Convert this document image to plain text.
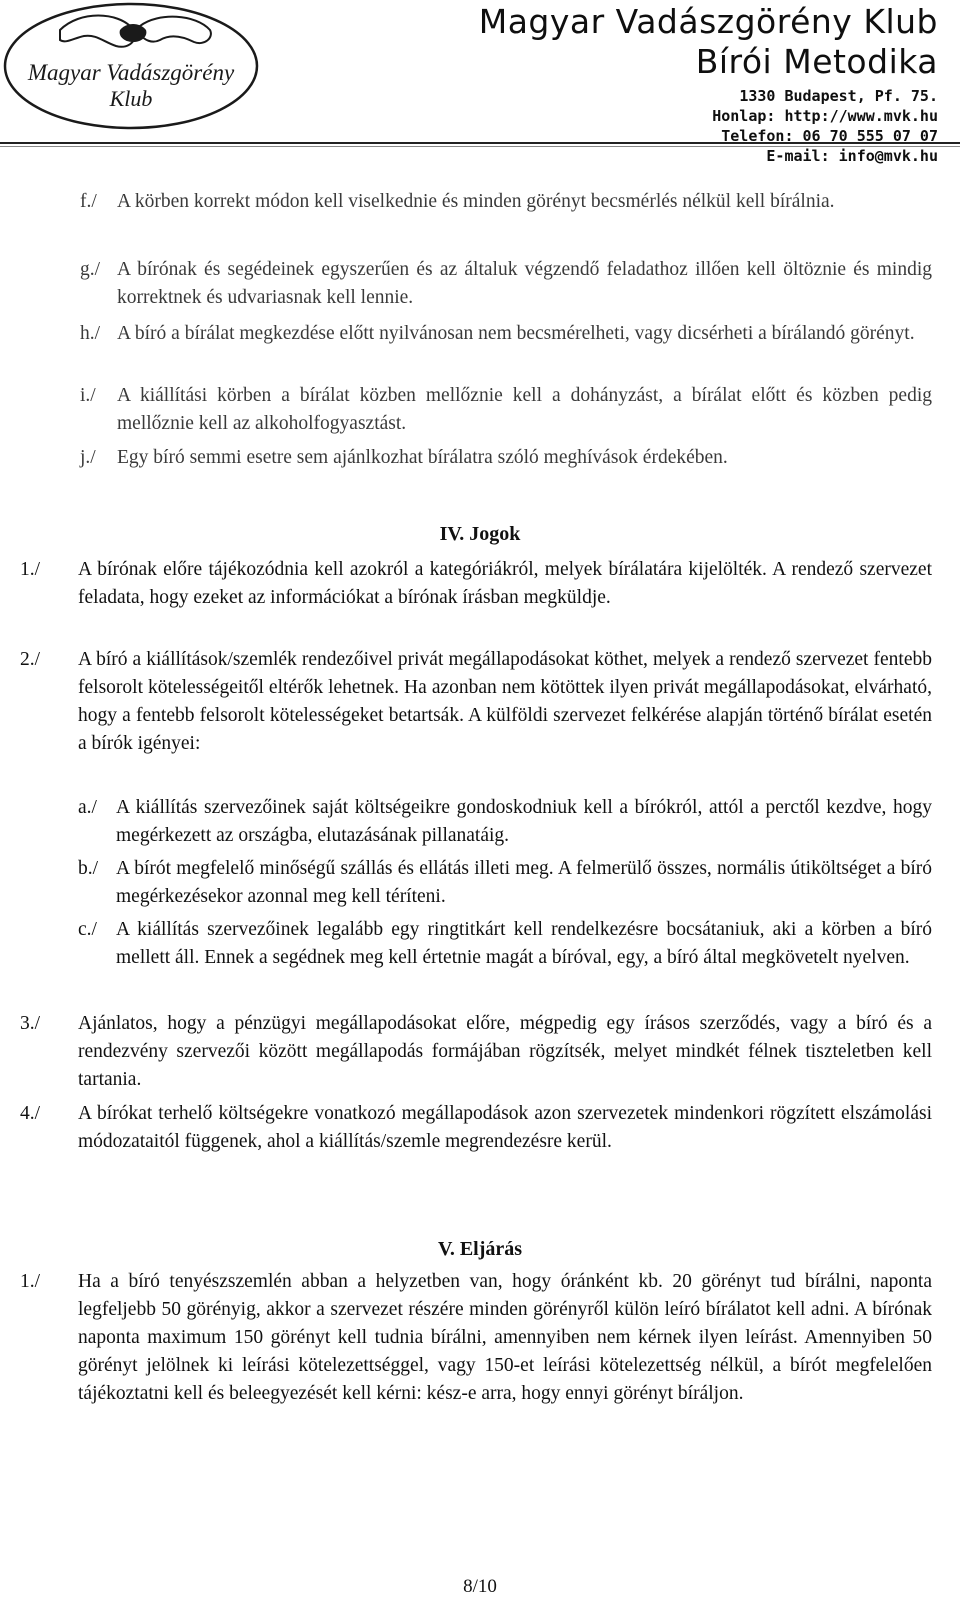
Magyar Vadászgörény
Klub
Magyar Vadászgörény Klub
Bírói Metodika
1330 Budapest, Pf. 75.
Honlap: http://www.mvk.hu
Telefon: 06 70 555 07 07
E-mail: info@mvk.hu
f./	A körben korrekt módon kell viselkednie és minden görényt becsmérlés nélkül kell bírálnia.
g./ A bírónak és segédeinek egyszerűen és az általuk végzendő feladathoz illően kell öltöznie és mindig korrektnek és udvariasnak kell lennie.
h./ A bíró a bírálat megkezdése előtt nyilvánosan nem becsmérelheti, vagy dicsérheti a bírálandó görényt.
i./	A kiállítási körben a bírálat közben mellőznie kell a dohányzást, a bírálat előtt és közben pedig mellőznie kell az alkoholfogyasztást.
j./	Egy bíró semmi esetre sem ajánlkozhat bírálatra szóló meghívások érdekében.
IV. Jogok
1./	A bírónak előre tájékozódnia kell azokról a kategóriákról, melyek bírálatára kijelölték. A rendező szervezet feladata, hogy ezeket az információkat a bírónak írásban megküldje.
2./	A bíró a kiállítások/szemlék rendezőivel privát megállapodásokat köthet, melyek a rendező szervezet fentebb felsorolt kötelességeitől eltérők lehetnek. Ha azonban nem kötöttek ilyen privát megállapodásokat, elvárható, hogy a fentebb felsorolt kötelességeket betartsák. A külföldi szervezet felkérése alapján történő bírálat esetén a bírók igényei:
a./ A kiállítás szervezőinek saját költségeikre gondoskodniuk kell a bírókról, attól a perctől kezdve, hogy megérkezett az országba, elutazásának pillanatáig.
b./ A bírót megfelelő minőségű szállás és ellátás illeti meg. A felmerülő összes, normális útiköltséget a bíró megérkezésekor azonnal meg kell téríteni.
c./ A kiállítás szervezőinek legalább egy ringtitkárt kell rendelkezésre bocsátaniuk, aki a körben a bíró mellett áll. Ennek a segédnek meg kell értetnie magát a bíróval, egy, a bíró által megkövetelt nyelven.
3./	Ajánlatos, hogy a pénzügyi megállapodásokat előre, mégpedig egy írásos szerződés, vagy a bíró és a rendezvény szervezői között megállapodás formájában rögzítsék, melyet mindkét félnek tiszteletben kell tartania.
4./	A bírókat terhelő költségekre vonatkozó megállapodások azon szervezetek mindenkori rögzített elszámolási módozataitól függenek, ahol a kiállítás/szemle megrendezésre kerül.
V. Eljárás
1./	Ha a bíró tenyészszemlén abban a helyzetben van, hogy óránként kb. 20 görényt tud bírálni, naponta legfeljebb 50 görényig, akkor a szervezet részére minden görényről külön leíró bírálatot kell adni. A bírónak naponta maximum 150 görényt kell tudnia bírálni, amennyiben nem kérnek ilyen leírást. Amennyiben 50 görényt jelölnek ki leírási kötelezettséggel, vagy 150-et leírási kötelezettség nélkül, a bírót megfelelően tájékoztatni kell és beleegyezését kell kérni: kész-e arra, hogy ennyi görényt bíráljon.
8/10
